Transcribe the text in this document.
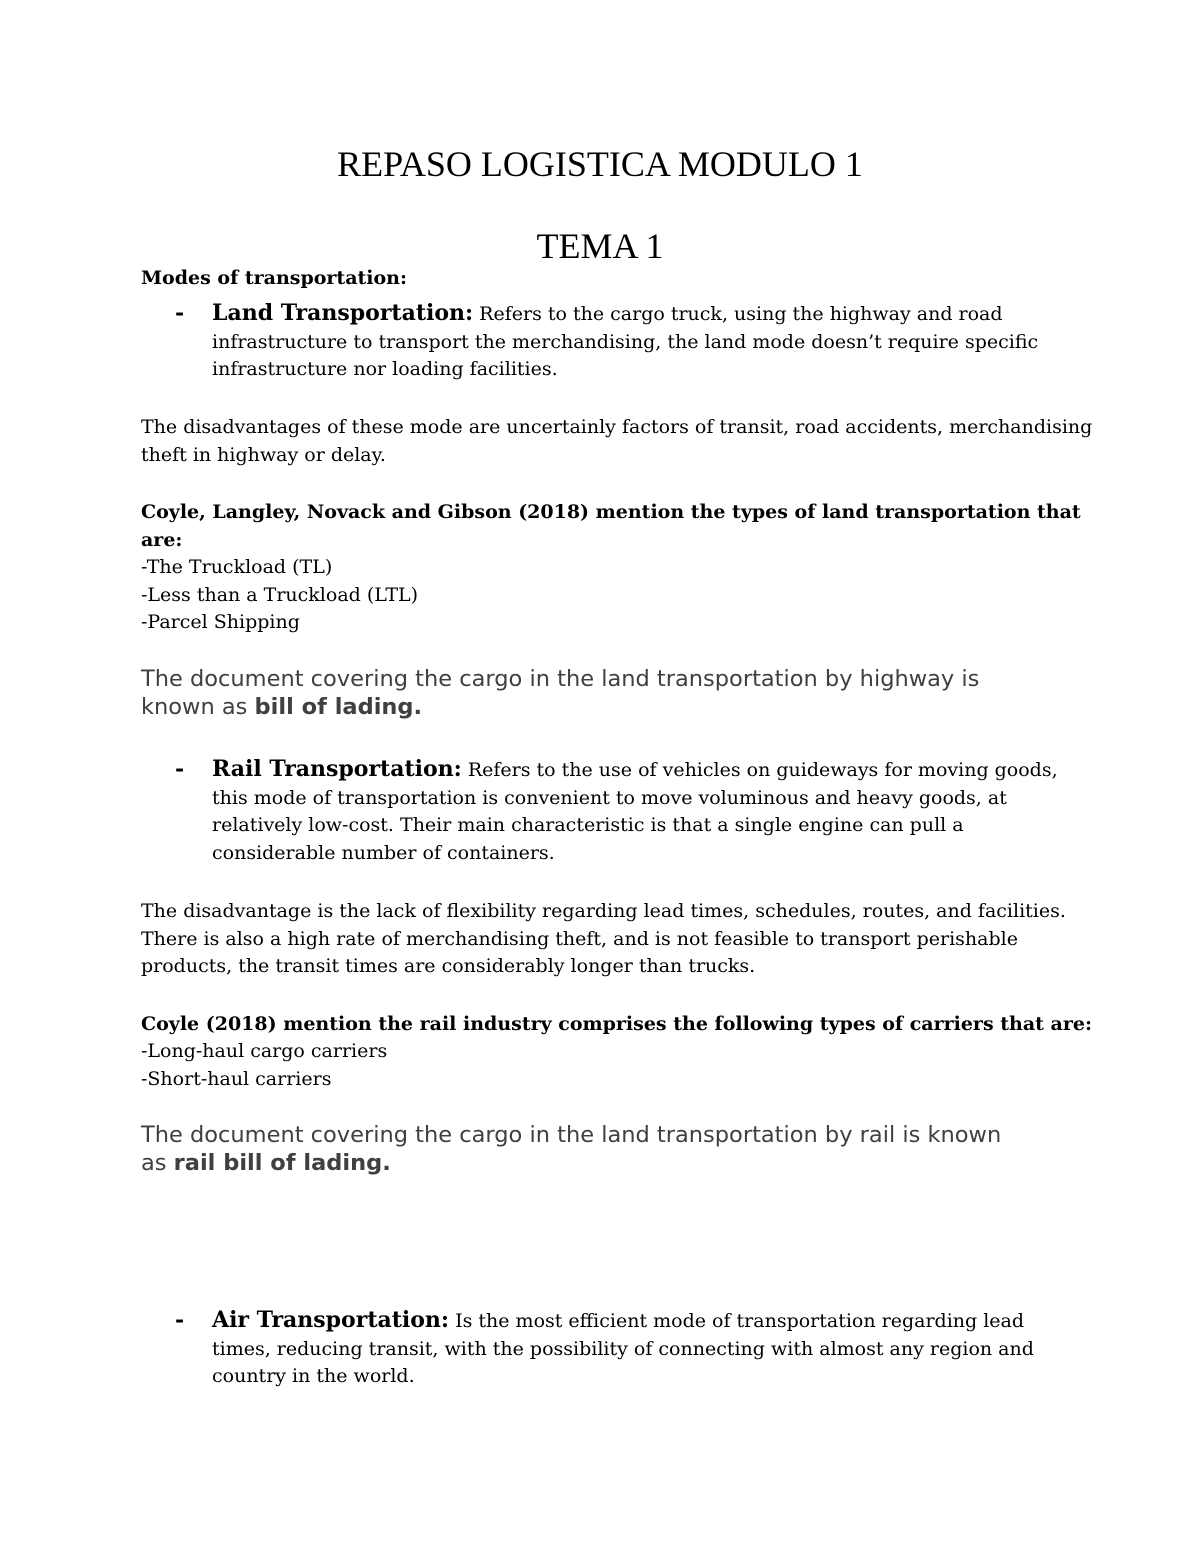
REPASO LOGISTICA MODULO 1
TEMA 1
Modes of transportation:
- Land Transportation: Refers to the cargo truck, using the highway and road
infrastructure to transport the merchandising, the land mode doesn’t require specific
infrastructure nor loading facilities.
The disadvantages of these mode are uncertainly factors of transit, road accidents, merchandising
theft in highway or delay.
Coyle, Langley, Novack and Gibson (2018) mention the types of land transportation that
are:
-The Truckload (TL)
-Less than a Truckload (LTL)
-Parcel Shipping
The document covering the cargo in the land transportation by highway is
known as bill of lading.
- Rail Transportation: Refers to the use of vehicles on guideways for moving goods,
this mode of transportation is convenient to move voluminous and heavy goods, at
relatively low-cost. Their main characteristic is that a single engine can pull a
considerable number of containers.
The disadvantage is the lack of flexibility regarding lead times, schedules, routes, and facilities.
There is also a high rate of merchandising theft, and is not feasible to transport perishable
products, the transit times are considerably longer than trucks.
Coyle (2018) mention the rail industry comprises the following types of carriers that are:
-Long-haul cargo carriers
-Short-haul carriers
The document covering the cargo in the land transportation by rail is known
as rail bill of lading.
- Air Transportation: Is the most efficient mode of transportation regarding lead
times, reducing transit, with the possibility of connecting with almost any region and
country in the world.
